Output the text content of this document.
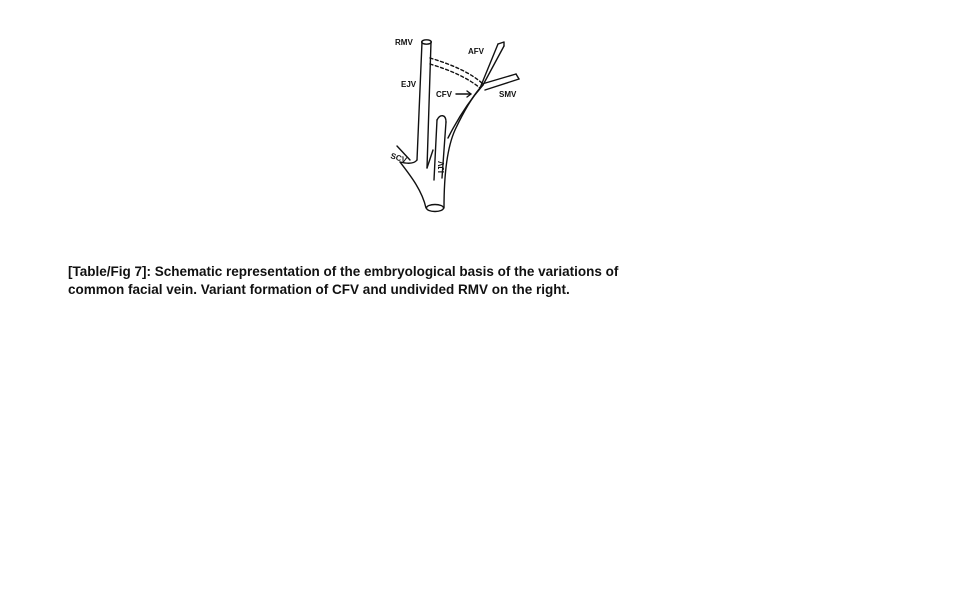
RMV
AFV
EJV
CFV	SMV
SCV
IJV

[Table/Fig 7]: Schematic representation of the embryological basis of the variations of

common facial vein. Variant formation of CFV and undivided RMV on the right.
